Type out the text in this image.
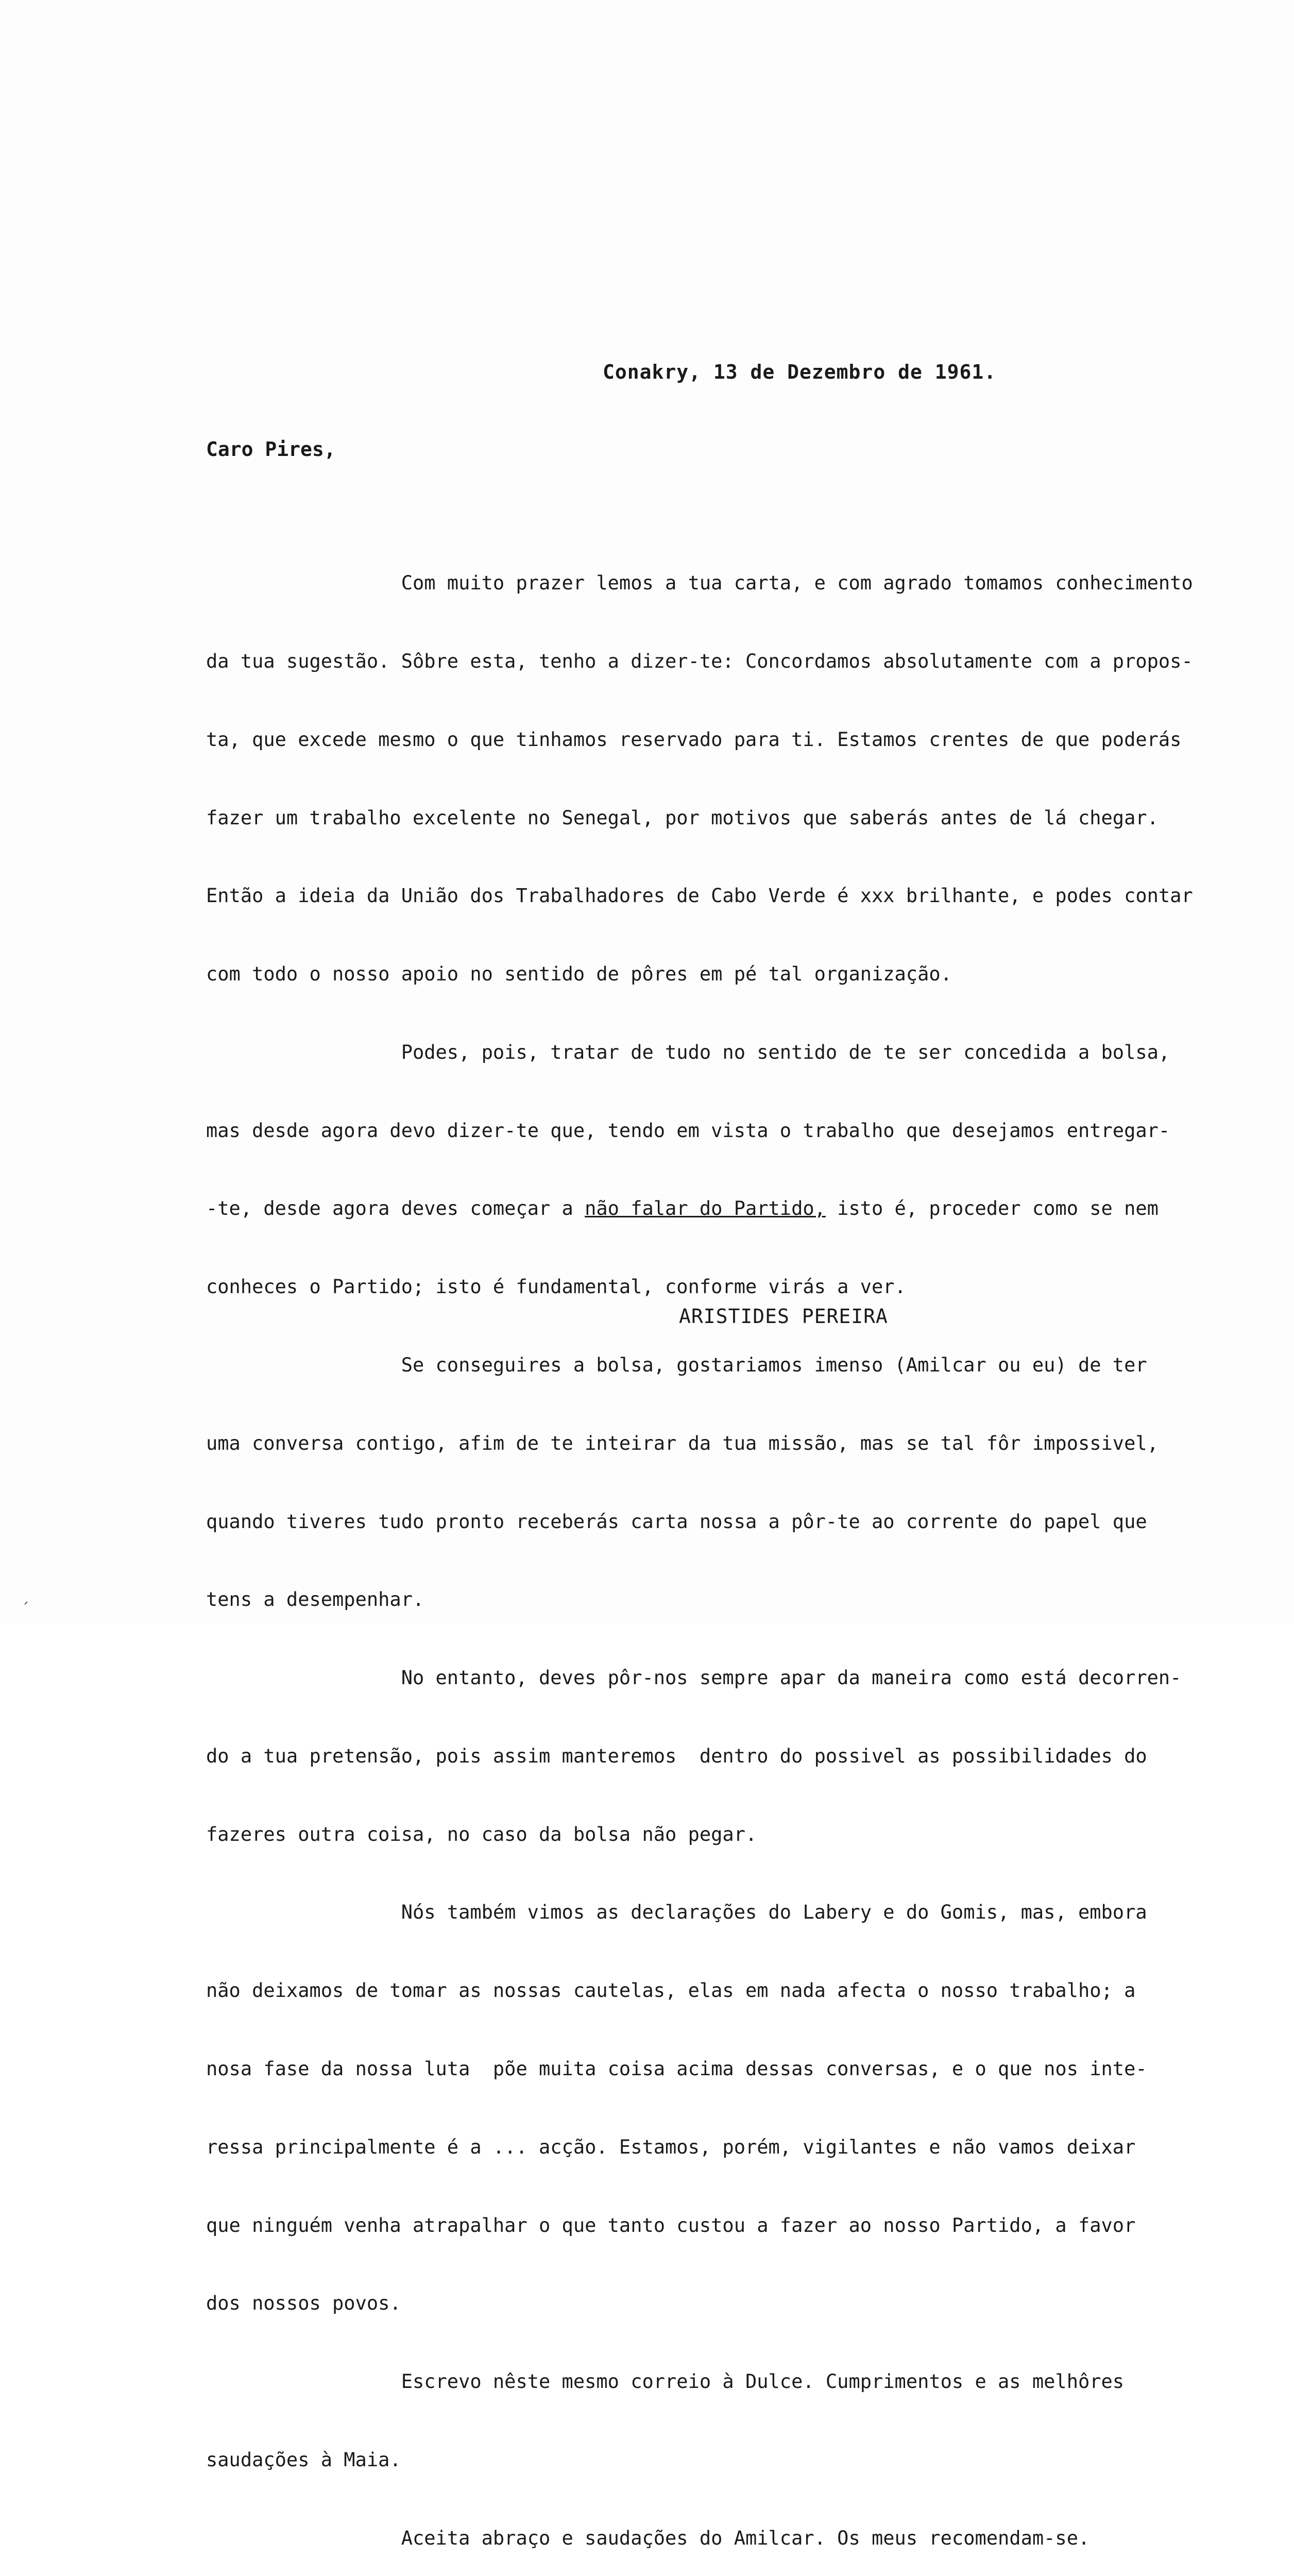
Conakry, 13 de Dezembro de 1961.
Caro Pires,

Com muito prazer lemos a tua carta, e com agrado tomamos conhecimento

da tua sugestão. Sôbre esta, tenho a dizer-te: Concordamos absolutamente com a propos-

ta, que excede mesmo o que tinhamos reservado para ti. Estamos crentes de que poderás

fazer um trabalho excelente no Senegal, por motivos que saberás antes de lá chegar.

Então a ideia da União dos Trabalhadores de Cabo Verde é xxx brilhante, e podes contar

com todo o nosso apoio no sentido de pôres em pé tal organização.

Podes, pois, tratar de tudo no sentido de te ser concedida a bolsa,

mas desde agora devo dizer-te que, tendo em vista o trabalho que desejamos entregar-

-te, desde agora deves começar a não falar do Partido, isto é, proceder como se nem

conheces o Partido; isto é fundamental, conforme virás a ver.

Se conseguires a bolsa, gostariamos imenso (Amilcar ou eu) de ter

uma conversa contigo, afim de te inteirar da tua missão, mas se tal fôr impossivel,

quando tiveres tudo pronto receberás carta nossa a pôr-te ao corrente do papel que

tens a desempenhar.

No entanto, deves pôr-nos sempre apar da maneira como está decorren-

do a tua pretensão, pois assim manteremos  dentro do possivel as possibilidades do

fazeres outra coisa, no caso da bolsa não pegar.

Nós também vimos as declarações do Labery e do Gomis, mas, embora

não deixamos de tomar as nossas cautelas, elas em nada afecta o nosso trabalho; a

nosa fase da nossa luta  põe muita coisa acima dessas conversas, e o que nos inte-

ressa principalmente é a ... acção. Estamos, porém, vigilantes e não vamos deixar

que ninguém venha atrapalhar o que tanto custou a fazer ao nosso Partido, a favor

dos nossos povos.

Escrevo nêste mesmo correio à Dulce. Cumprimentos e as melhôres

saudações à Maia.

Aceita abraço e saudações do Amilcar. Os meus recomendam-se.

ARISTIDES PEREIRA
´
